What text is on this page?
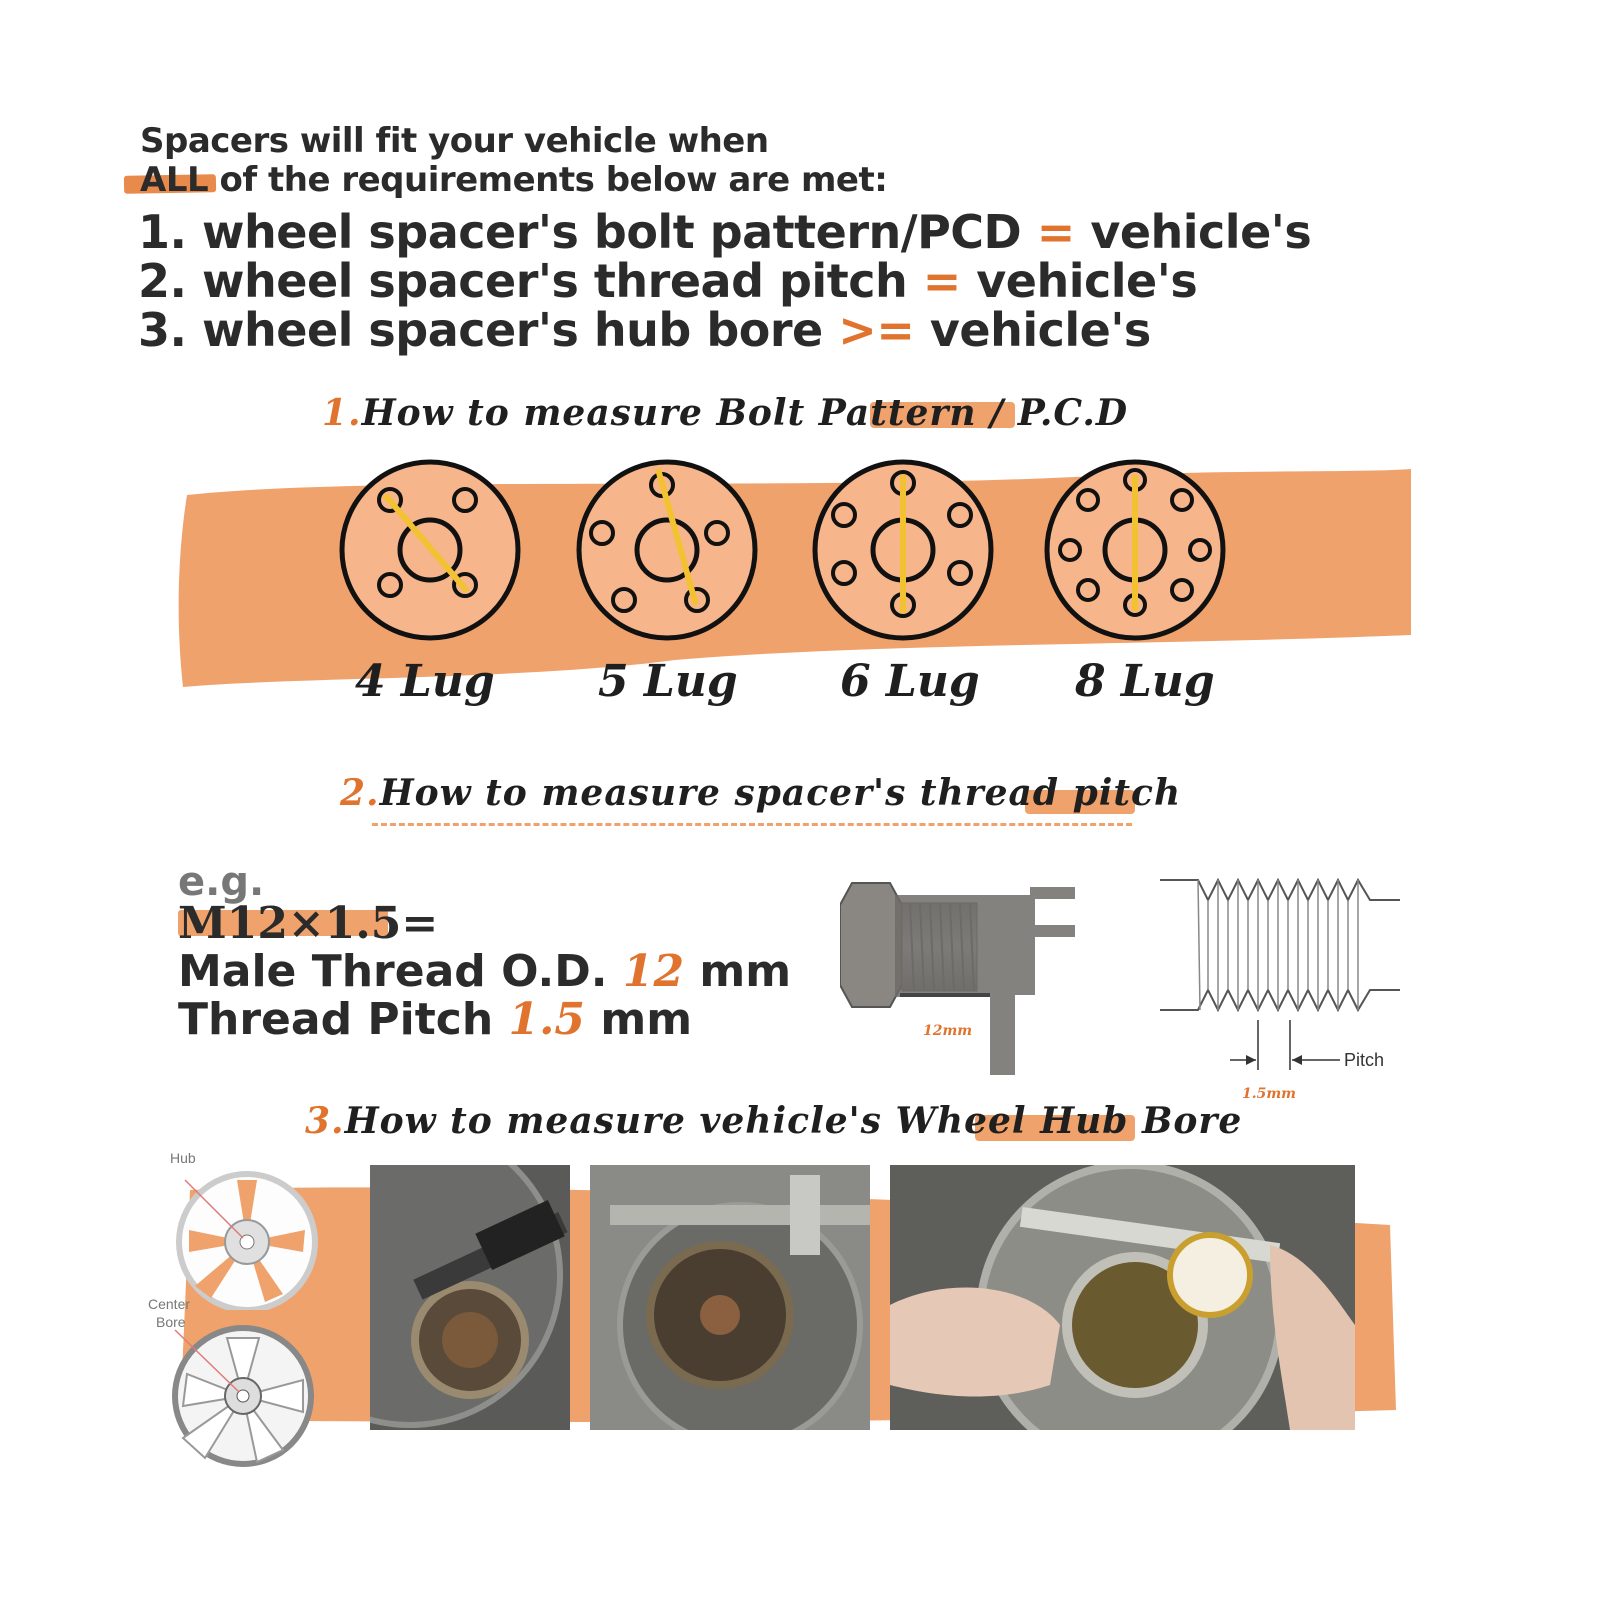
Spacers will fit your vehicle when
ALL of the requirements below are met:
1. wheel spacer's bolt pattern/PCD = vehicle's
2. wheel spacer's thread pitch = vehicle's
3. wheel spacer's hub bore >= vehicle's
1.How to measure Bolt Pattern / P.C.D
4 Lug 5 Lug 6 Lug 8 Lug
2.How to measure spacer's thread pitch
e.g.
M12×1.5=
Male Thread O.D. 12 mm
Thread Pitch 1.5 mm	12mm
Pitch
1.5mm
3.How to measure vehicle's Wheel Hub Bore
Hub
Center
Bore
